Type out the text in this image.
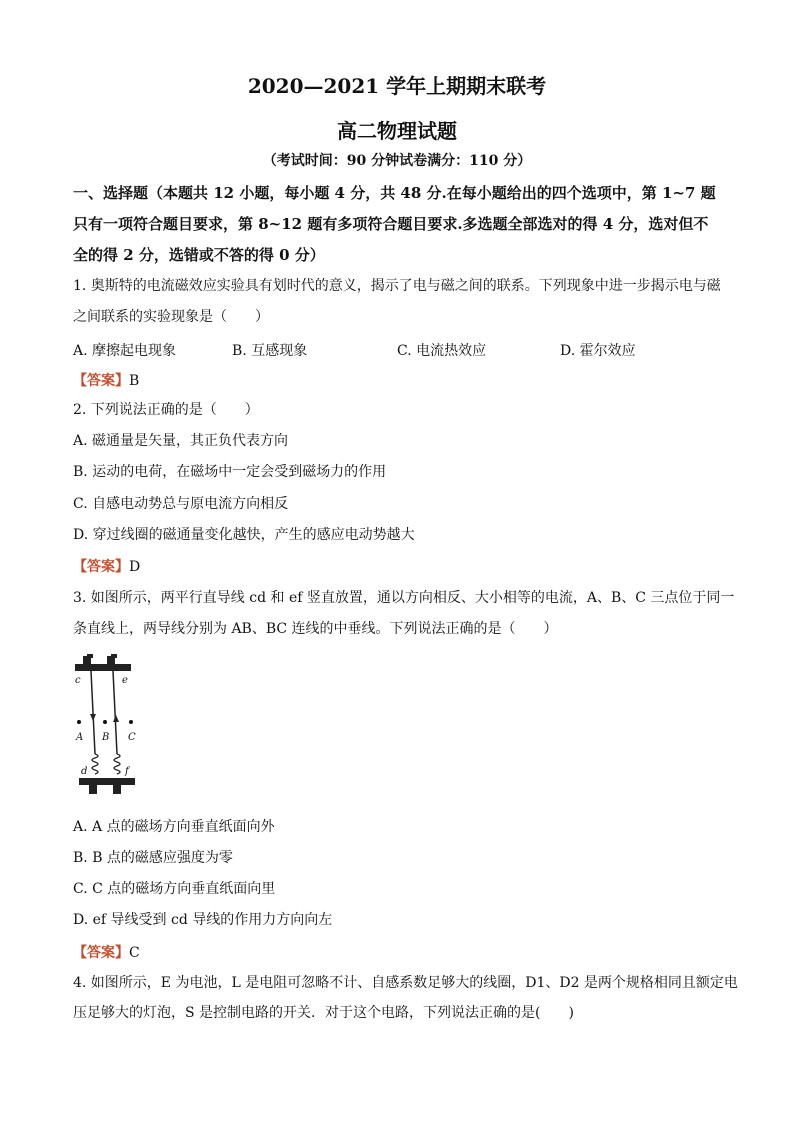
2020—2021 学年上期期末联考
高二物理试题
（考试时间：90 分钟试卷满分：110 分）
一、选择题（本题共 12 小题，每小题 4 分，共 48 分.在每小题给出的四个选项中，第 1~7 题
只有一项符合题目要求，第 8~12 题有多项符合题目要求.多选题全部选对的得 4 分，选对但不
全的得 2 分，选错或不答的得 0 分）
1. 奥斯特的电流磁效应实验具有划时代的意义，揭示了电与磁之间的联系。下列现象中进一步揭示电与磁
之间联系的实验现象是（　　）
A. 摩擦起电现象	B. 互感现象	C. 电流热效应	D. 霍尔效应
【答案】B
2. 下列说法正确的是（　　）
A. 磁通量是矢量，其正负代表方向
B. 运动的电荷，在磁场中一定会受到磁场力的作用
C. 自感电动势总与原电流方向相反
D. 穿过线圈的磁通量变化越快，产生的感应电动势越大
【答案】D
3. 如图所示，两平行直导线 cd 和 ef 竖直放置，通以方向相反、大小相等的电流，A、B、C 三点位于同一
条直线上，两导线分别为 AB、BC 连线的中垂线。下列说法正确的是（　　）
c	e
A B C
d	f
A. A 点的磁场方向垂直纸面向外
B. B 点的磁感应强度为零
C. C 点的磁场方向垂直纸面向里
D. ef 导线受到 cd 导线的作用力方向向左
【答案】C
4. 如图所示，E 为电池，L 是电阻可忽略不计、自感系数足够大的线圈，D1、D2 是两个规格相同且额定电
压足够大的灯泡，S 是控制电路的开关．对于这个电路，下列说法正确的是(　　)
